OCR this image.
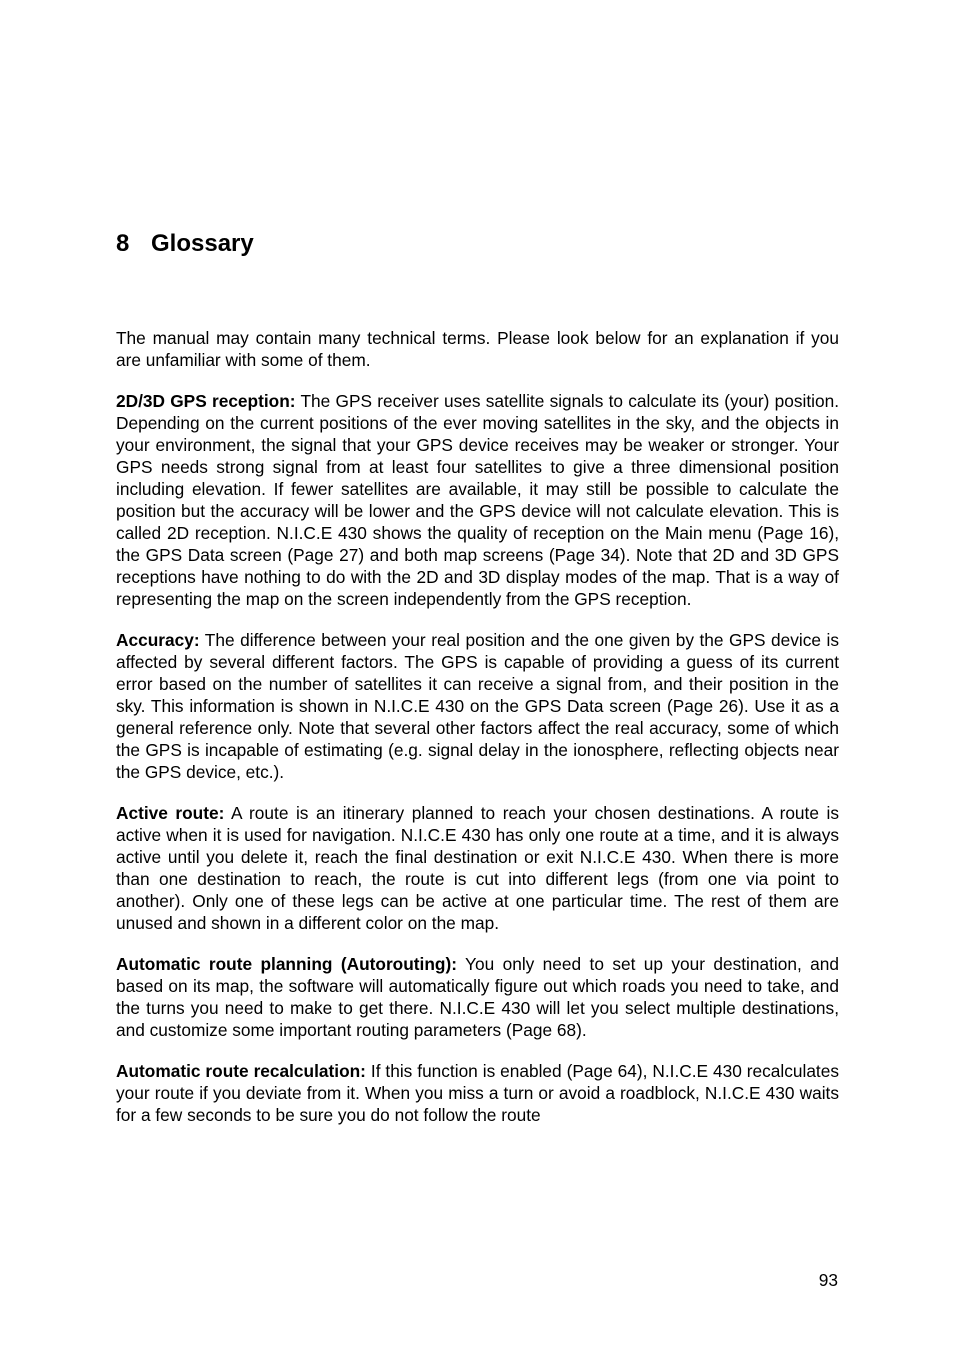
8 Glossary

The manual may contain many technical terms. Please look below for an explanation if you are unfamiliar with some of them.

2D/3D GPS reception: The GPS receiver uses satellite signals to calculate its (your) position. Depending on the current positions of the ever moving satellites in the sky, and the objects in your environment, the signal that your GPS device receives may be weaker or stronger. Your GPS needs strong signal from at least four satellites to give a three dimensional position including elevation. If fewer satellites are available, it may still be possible to calculate the position but the accuracy will be lower and the GPS device will not calculate elevation. This is called 2D reception. N.I.C.E 430 shows the quality of reception on the Main menu (Page 16), the GPS Data screen (Page 27) and both map screens (Page 34). Note that 2D and 3D GPS receptions have nothing to do with the 2D and 3D display modes of the map. That is a way of representing the map on the screen independently from the GPS reception.

Accuracy: The difference between your real position and the one given by the GPS device is affected by several different factors. The GPS is capable of providing a guess of its current error based on the number of satellites it can receive a signal from, and their position in the sky. This information is shown in N.I.C.E 430 on the GPS Data screen (Page 26). Use it as a general reference only. Note that several other factors affect the real accuracy, some of which the GPS is incapable of estimating (e.g. signal delay in the ionosphere, reflecting objects near the GPS device, etc.).

Active route: A route is an itinerary planned to reach your chosen destinations. A route is active when it is used for navigation. N.I.C.E 430 has only one route at a time, and it is always active until you delete it, reach the final destination or exit N.I.C.E 430. When there is more than one destination to reach, the route is cut into different legs (from one via point to another). Only one of these legs can be active at one particular time. The rest of them are unused and shown in a different color on the map.

Automatic route planning (Autorouting): You only need to set up your destination, and based on its map, the software will automatically figure out which roads you need to take, and the turns you need to make to get there. N.I.C.E 430 will let you select multiple destinations, and customize some important routing parameters (Page 68).

Automatic route recalculation: If this function is enabled (Page 64), N.I.C.E 430 recalculates your route if you deviate from it. When you miss a turn or avoid a roadblock, N.I.C.E 430 waits for a few seconds to be sure you do not follow the route

93
